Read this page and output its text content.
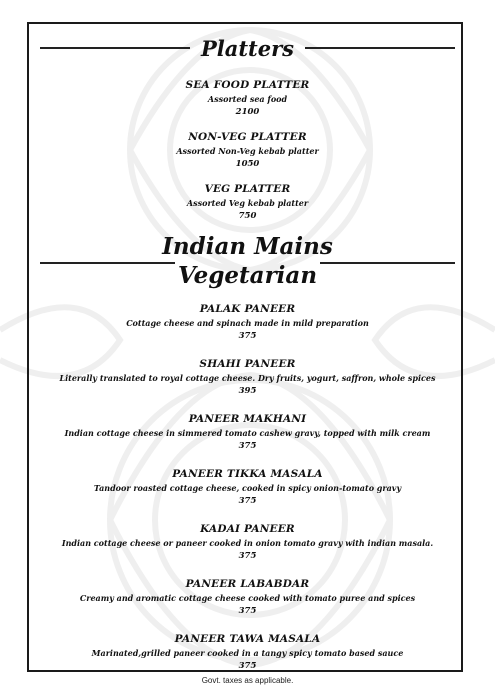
Platters
SEA FOOD PLATTER
Assorted sea food
2100
NON-VEG PLATTER
Assorted Non-Veg kebab platter
1050
VEG PLATTER
Assorted Veg kebab platter
750
Indian Mains
Vegetarian
PALAK PANEER
Cottage cheese and spinach made in mild preparation
375
SHAHI PANEER
Literally translated to royal cottage cheese. Dry fruits, yogurt, saffron, whole spices
395
PANEER MAKHANI
Indian cottage cheese in simmered tomato cashew gravy, topped with milk cream
375
PANEER TIKKA MASALA
Tandoor roasted cottage cheese, cooked in spicy onion-tomato gravy
375
KADAI PANEER
Indian cottage cheese or paneer cooked in onion tomato gravy with indian masala.
375
PANEER LABABDAR
Creamy and aromatic cottage cheese cooked with tomato puree and spices
375
PANEER TAWA MASALA
Marinated,grilled paneer cooked in a tangy spicy tomato based sauce
375
Govt. taxes as applicable.
